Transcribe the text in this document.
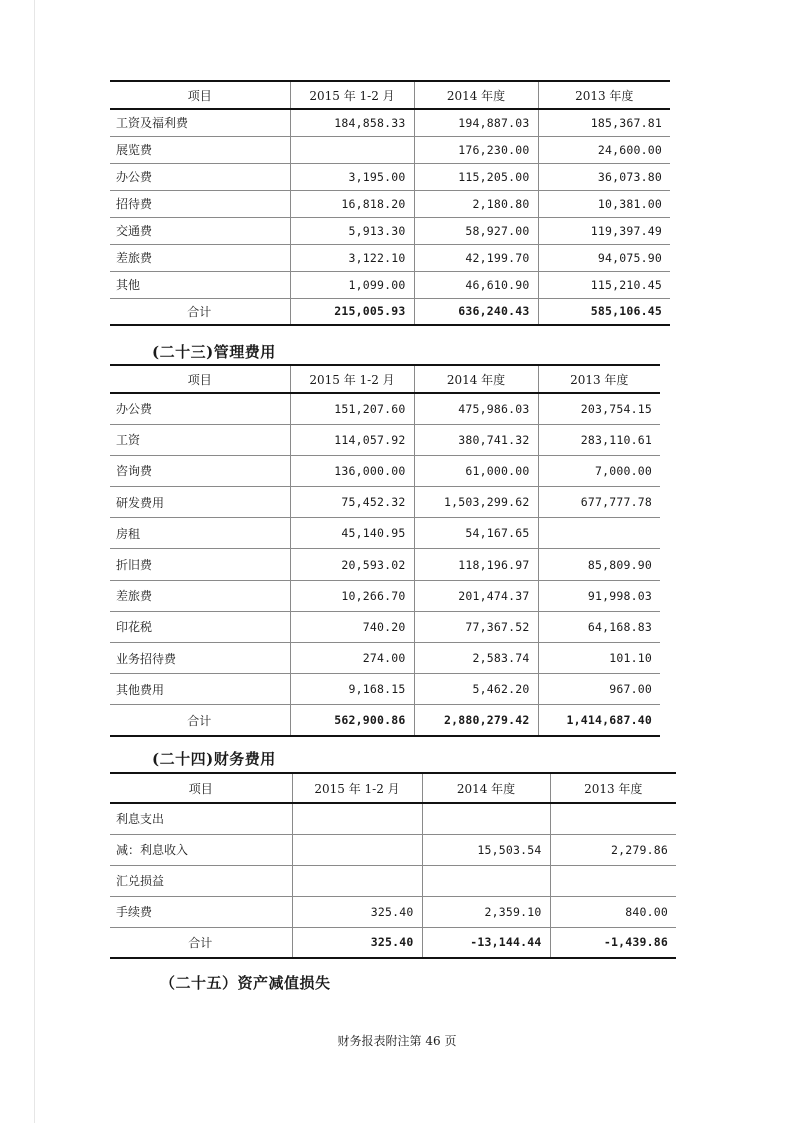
项目	2015 年 1-2 月	2014 年度	2013 年度
工资及福利费	184,858.33	194,887.03	185,367.81
展览费		176,230.00	24,600.00
办公费	3,195.00	115,205.00	36,073.80
招待费	16,818.20	2,180.80	10,381.00
交通费	5,913.30	58,927.00	119,397.49
差旅费	3,122.10	42,199.70	94,075.90
其他	1,099.00	46,610.90	115,210.45
合计	215,005.93	636,240.43	585,106.45
(二十三)管理费用
项目	2015 年 1-2 月	2014 年度	2013 年度
办公费	151,207.60	475,986.03	203,754.15
工资	114,057.92	380,741.32	283,110.61
咨询费	136,000.00	61,000.00	7,000.00
研发费用	75,452.32	1,503,299.62	677,777.78
房租	45,140.95	54,167.65	
折旧费	20,593.02	118,196.97	85,809.90
差旅费	10,266.70	201,474.37	91,998.03
印花税	740.20	77,367.52	64,168.83
业务招待费	274.00	2,583.74	101.10
其他费用	9,168.15	5,462.20	967.00
合计	562,900.86	2,880,279.42	1,414,687.40
(二十四)财务费用
项目	2015 年 1-2 月	2014 年度	2013 年度
利息支出			
减：利息收入		15,503.54	2,279.86
汇兑损益			
手续费	325.40	2,359.10	840.00
合计	325.40	-13,144.44	-1,439.86
（二十五）资产减值损失
财务报表附注第 46 页
